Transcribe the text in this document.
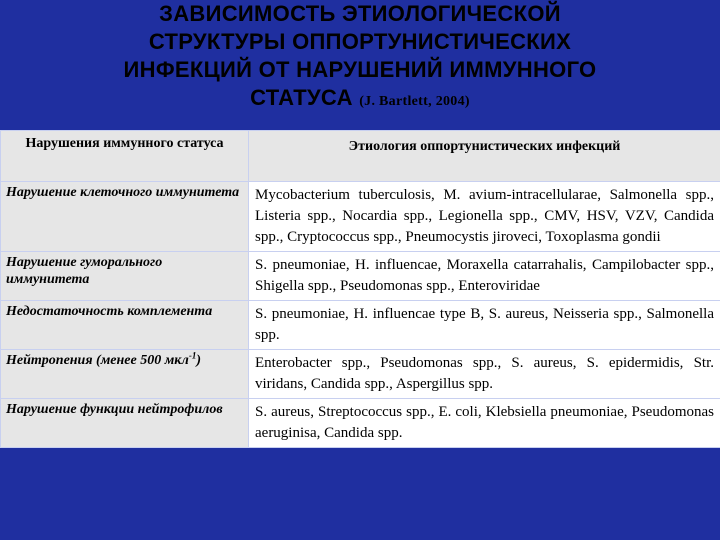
ЗАВИСИМОСТЬ ЭТИОЛОГИЧЕСКОЙ
СТРУКТУРЫ ОППОРТУНИСТИЧЕСКИХ
ИНФЕКЦИЙ ОТ НАРУШЕНИЙ ИММУННОГО
СТАТУСА (J. Bartlett, 2004)
Нарушения иммунного статуса	Этиология оппортунистических инфекций
Нарушение клеточного иммунитета	Mycobacterium tuberculosis, M. avium-intracellularae, Salmonella spp., Listeria spp., Nocardia spp., Legionella spp., CMV, HSV, VZV, Candida spp., Cryptococcus spp., Pneumocystis jiroveci, Toxoplasma gondii
Нарушение гуморального иммунитета	S. pneumoniae, H. influencae, Moraxella catarrahalis, Campilobacter spp., Shigella spp., Pseudomonas spp., Enteroviridae
Недостаточность комплемента	S. pneumoniae, H. influencae type B, S. aureus, Neisseria spp., Salmonella spp.
Нейтропения (менее 500 мкл$^{-1}$)	Enterobacter spp., Pseudomonas spp., S. aureus, S. epidermidis, Str. viridans, Candida spp., Aspergillus spp.
Нарушение функции нейтрофилов	S. aureus, Streptococcus spp., E. coli, Klebsiella pneumoniae, Pseudomonas aeruginisa, Candida spp.
